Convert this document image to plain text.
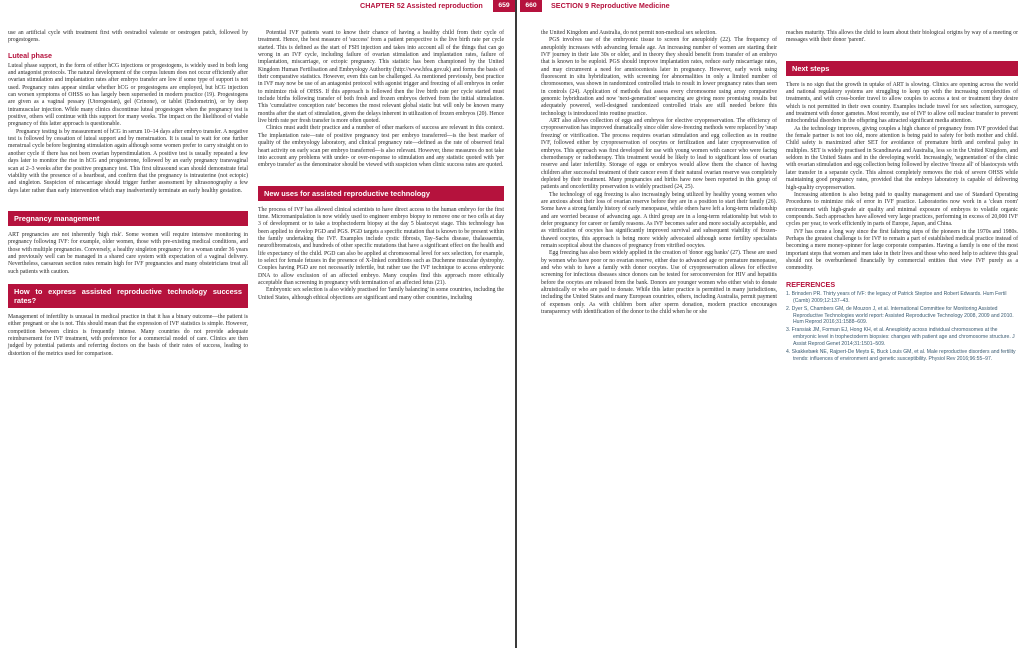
CHAPTER 52 Assisted reproduction	659

use an artificial cycle with treatment first with oestradiol valerate or oestrogen patch, followed by progestogens.

Luteal phase

Luteal phase support, in the form of either hCG injections or progestogens, is widely used in both long and antagonist protocols. The natural development of the corpus luteum does not occur efficiently after ovarian stimulation and implantation rates after embryo transfer are low if some type of support is not used. Pregnancy rates appear similar whether hCG or progestogens are employed, but hCG injection can worsen symptoms of OHSS so has largely been superseded in modern practice (19). Progestogens are given as a vaginal pessary (Utorogestan), gel (Crinone), or tablet (Endometrin), or by deep intramuscular injection. While many clinics discontinue luteal progestogen when the pregnancy test is positive, others will continue with this support for many weeks. The impact on the likelihood of viable pregnancy of this latter approach is questionable.

Pregnancy testing is by measurement of hCG in serum 10–14 days after embryo transfer. A negative test is followed by cessation of luteal support and by menstruation. It is usual to wait for one further menstrual cycle before beginning stimulation again although some women prefer to carry straight on to another cycle if there has not been ovarian hyperstimulation. A positive test is usually repeated a few days later to monitor the rise in hCG and progesterone, followed by an early pregnancy transvaginal scan at 2–3 weeks after the positive pregnancy test. This first ultrasound scan should demonstrate fetal viability with the presence of a heartbeat, and confirm that the pregnancy is intrauterine (not ectopic) and singleton. Suspicion of miscarriage should trigger further assessment by ultrasonography a few days later rather than early intervention which may inadvertently terminate an early healthy gestation.

Pregnancy management

ART pregnancies are not inherently 'high risk'. Some women will require intensive monitoring in pregnancy following IVF: for example, older women, those with pre-existing medical conditions, and those with multiple pregnancies. Conversely, a healthy singleton pregnancy for a woman under 36 years and previously well can be managed in a shared care system with expectation of a vaginal delivery. Nevertheless, caesarean section rates remain high for IVF pregnancies and many obstetricians treat all such patients with caution.

How to express assisted reproductive technology success rates?

Management of infertility is unusual in medical practice in that it has a binary outcome—the patient is either pregnant or she is not. This should mean that the expression of IVF statistics is simple. However, competition between clinics is frequently intense. Many countries do not provide adequate reimbursement for IVF treatment, with preference for a commercial model of care. Clinics are then judged by potential patients and referring doctors on the basis of their rates of success, leading to distortion of the metrics used for comparison.

Potential IVF patients want to know their chance of having a healthy child from their cycle of treatment. Hence, the best measure of 'success' from a patient perspective is the live birth rate per cycle started. This is defined as the start of FSH injection and takes into account all of the things that can go wrong in an IVF cycle, including failure of ovarian stimulation and implantation rates, failure of implantation, miscarriage, or ectopic pregnancy. This statistic has been championed by the United Kingdom Human Fertilisation and Embryology Authority (http://www.hfea.gov.uk) and forms the basis of their comparative statistics. However, even this can be challenged. As mentioned previously, best practice in IVF may now be use of an antagonist protocol with agonist trigger and freezing of all embryos in order to minimize risk of OHSS. If this approach is followed then the live birth rate per cycle started must include births following transfer of both fresh and frozen embryos derived from the initial stimulation. This 'cumulative conception rate' becomes the most relevant global static but will only be known many months after the start of stimulation, given the delays inherent in utilization of frozen embryos (20). Hence live birth rate per fresh transfer is more often quoted.

Clinics must audit their practice and a number of other markers of success are relevant in this context. The implantation rate—rate of positive pregnancy test per embryo transferred—is the best marker of quality of the embryology laboratory, and clinical pregnancy rate—defined as the rate of observed fetal heart activity on early scan per embryo transferred—is also relevant. However, these measures do not take into account any problems with under- or over-response to stimulation and any statistic quoted with 'per embryo transfer' as the denominator should be viewed with suspicion when clinic success rates are quoted.

New uses for assisted reproductive technology

The process of IVF has allowed clinical scientists to have direct access to the human embryo for the first time. Micromanipulation is now widely used to engineer embryo biopsy to remove one or two cells at day 3 of development or to take a trophectoderm biopsy at the day 5 blastocyst stage. This technology has been applied to develop PGD and PGS. PGD targets a specific mutation that is known to be present within the family undertaking the IVF. Examples include cystic fibrosis, Tay–Sachs disease, thalassaemia, neurofibromatosis, and hundreds of other specific mutations that have a significant effect on the health and life expectancy of the child. PGD can also be applied at chromosomal level for sex selection, for example, to select for female fetuses in the presence of X-linked conditions such as Duchenne muscular dystrophy. Couples having PGD are not necessarily infertile, but rather use the IVF technique to access embryonic DNA to allow exclusion of an affected embryo. Many couples find this approach more ethically acceptable than screening in pregnancy with termination of an affected fetus (21).

Embryonic sex selection is also widely practised for 'family balancing' in some countries, including the United States, although ethical objections are significant and many other countries, including

660	SECTION 9 Reproductive Medicine

the United Kingdom and Australia, do not permit non-medical sex selection.

PGS involves use of the embryonic tissue to screen for aneuploidy (22). The frequency of aneuploidy increases with advancing female age. An increasing number of women are starting their IVF journey in their late 30s or older, and in theory they should benefit from transfer of an embryo that is known to be euploid. PGS should improve implantation rates, reduce early miscarriage rates, and may circumvent a need for amniocentesis later in pregnancy. However, early work using fluorescent in situ hybridization, with screening for abnormalities in only a limited number of chromosomes, was shown in randomized controlled trials to result in lower pregnancy rates than seen in controls (24). Application of methods that assess every chromosome using array comparative genomic hybridization and now 'next-generation' sequencing are giving more promising results but adequately powered, well-designed randomized controlled trials are still needed before this technology is introduced into routine practice.

ART also allows collection of eggs and embryos for elective cryopreservation. The efficiency of cryopreservation has improved dramatically since older slow-freezing methods were replaced by 'snap freezing' or vitrification. The process requires ovarian stimulation and egg collection as in routine IVF, followed either by cryopreservation of oocytes or fertilization and later cryopreservation of embryos. This approach was first developed for use with young women with cancer who were facing chemotherapy or radiotherapy. This treatment would be likely to lead to significant loss of ovarian reserve and later infertility. Storage of eggs or embryos would allow them the chance of having children after successful treatment of their cancer even if their natural ovarian reserve was completely depleted by their treatment. Many pregnancies and births have now been reported in this group of patients and oncofertility preservation is widely practised (24, 25).

The technology of egg freezing is also increasingly being utilized by healthy young women who are anxious about their loss of ovarian reserve before they are in a position to start their family (26). Some have a strong family history of early menopause, while others have left a long-term relationship and are worried because of advancing age. A third group are in a long-term relationship but wish to defer pregnancy for career or family reasons. As IVF becomes safer and more socially acceptable, and as vitrification of oocytes has significantly improved survival and subsequent viability of frozen-thawed oocytes, this approach is being more widely advocated although some fertility specialists remain sceptical about the chances of pregnancy from vitrified oocytes.

Egg freezing has also been widely applied in the creation of 'donor egg banks' (27). These are used by women who have poor or no ovarian reserve, either due to advanced age or premature menopause, and who wish to have a family with donor oocytes. Use of cryopreservation allows for effective screening for infectious diseases since donors can be tested for seroconversion for HIV and hepatitis before the oocytes are released from the bank. Donors are younger women who either wish to donate altruistically or who are paid to donate. While this latter practice is permitted in many jurisdictions, including the United States and many European countries, others, including Australia, permit payment of expenses only. As with children born after sperm donation, modern practice encourages transparency with identification of the donor to the child when he or she

reaches maturity. This allows the child to learn about their biological origins by way of a meeting or messages with their donor 'parent'.

Next steps

There is no sign that the growth in uptake of ART is slowing. Clinics are opening across the world and national regulatory systems are struggling to keep up with the increasing complexities of treatments, and with cross-border travel to allow couples to access a test or treatment they desire which is not permitted in their own country. Examples include travel for sex selection, surrogacy, and treatment with donor gametes. Most recently, use of IVF to allow cell nuclear transfer to prevent mitochondrial disorders in the offspring has attracted significant media attention.

As the technology improves, giving couples a high chance of pregnancy from IVF provided that the female partner is not too old, more attention is being paid to safety for both mother and child. Child safety is maximized after SET for avoidance of premature birth and cerebral palsy in multiples. SET is widely practised in Scandinavia and Australia, less so in the United Kingdom, and seldom in the United States and in the developing world. Increasingly, 'segmentation' of the clinic with ovarian stimulation and egg collection being followed by elective 'freeze all' of blastocysts with later transfer in a separate cycle. This almost completely removes the risk of severe OHSS while maintaining good pregnancy rates, provided that the embryo laboratory is capable of delivering high-quality cryopreservation.

Increasing attention is also being paid to quality management and use of Standard Operating Procedures to minimize risk of error in IVF practice. Laboratories now work in a 'clean room' environment with high-grade air quality and minimal exposure of embryos to volatile organic compounds. Such approaches have allowed very large practices, performing in excess of 20,000 IVF cycles per year, to work efficiently in parts of Europe, Japan, and China.

IVF has come a long way since the first faltering steps of the pioneers in the 1970s and 1980s. Perhaps the greatest challenge is for IVF to remain a part of established medical practice instead of becoming a mere money-spinner for large corporate companies. Having a family is one of the most important steps that women and men take in their lives and those who need help to achieve this goal should not be overburdened financially by commercial entities that view IVF purely as a commodity.

REFERENCES
1. Brinsden PR. Thirty years of IVF: the legacy of Patrick Steptoe and Robert Edwards. Hum Fertil (Camb) 2009;12:137–43.
2. Dyer S, Chambers GM, de Mouzon J, et al. International Committee for Monitoring Assisted Reproductive Technologies world report: Assisted Reproductive Technology 2008, 2009 and 2010. Hum Reprod 2016;31:1588–609.
3. Fransiak JM, Forman EJ, Hong KH, et al. Aneuploidy across individual chromosomes at the embryonic level in trophectoderm biopsies: changes with patient age and chromosome structure. J Assist Reprod Genet 2014;31:1501–509.
4. Skakkebæk NE, Rajpert-De Meyts E, Buck Louis GM, et al. Male reproductive disorders and fertility trends: influences of environment and genetic susceptibility. Physiol Rev 2016;96:55–97.
